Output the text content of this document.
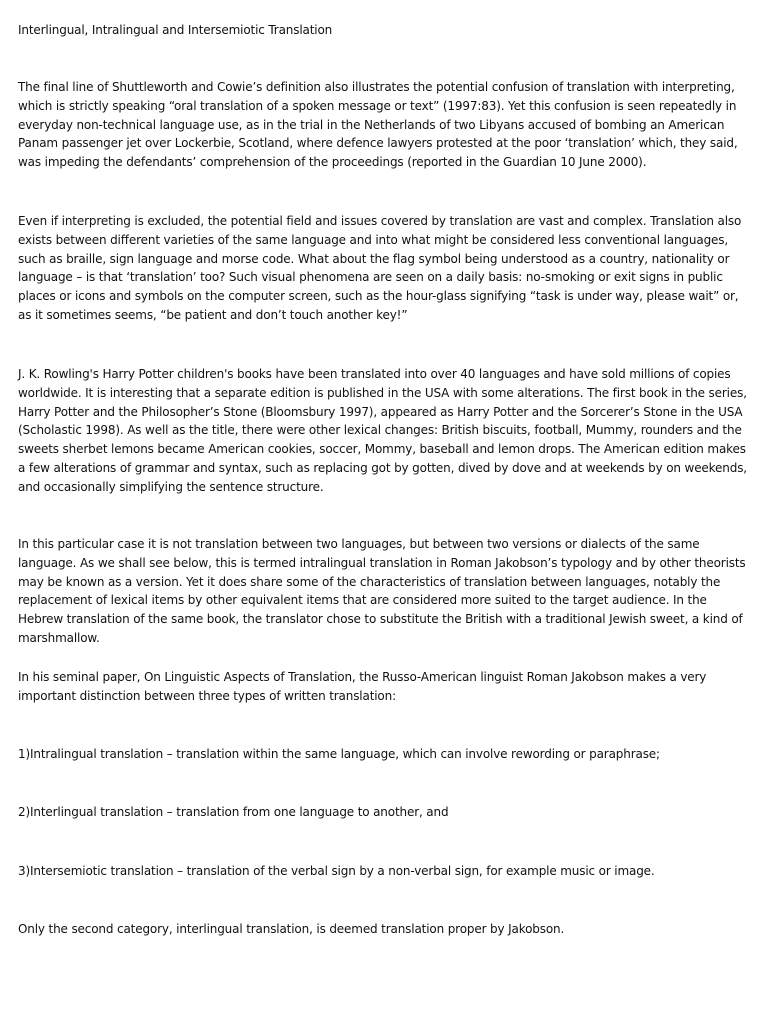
Interlingual, Intralingual and Intersemiotic Translation

The final line of Shuttleworth and Cowie’s definition also illustrates the potential confusion of translation with interpreting, which is strictly speaking “oral translation of a spoken message or text” (1997:83). Yet this confusion is seen repeatedly in everyday non-technical language use, as in the trial in the Netherlands of two Libyans accused of bombing an American Panam passenger jet over Lockerbie, Scotland, where defence lawyers protested at the poor ‘translation’ which, they said, was impeding the defendants’ comprehension of the proceedings (reported in the Guardian 10 June 2000).

Even if interpreting is excluded, the potential field and issues covered by translation are vast and complex. Translation also exists between different varieties of the same language and into what might be considered less conventional languages, such as braille, sign language and morse code. What about the flag symbol being understood as a country, nationality or language – is that ‘translation’ too? Such visual phenomena are seen on a daily basis: no-smoking or exit signs in public places or icons and symbols on the computer screen, such as the hour-glass signifying “task is under way, please wait” or, as it sometimes seems, “be patient and don’t touch another key!”

J. K. Rowling's Harry Potter children's books have been translated into over 40 languages and have sold millions of copies worldwide. It is interesting that a separate edition is published in the USA with some alterations. The first book in the series, Harry Potter and the Philosopher’s Stone (Bloomsbury 1997), appeared as Harry Potter and the Sorcerer’s Stone in the USA (Scholastic 1998). As well as the title, there were other lexical changes: British biscuits, football, Mummy, rounders and the sweets sherbet lemons became American cookies, soccer, Mommy, baseball and lemon drops. The American edition makes a few alterations of grammar and syntax, such as replacing got by gotten, dived by dove and at weekends by on weekends, and occasionally simplifying the sentence structure.

In this particular case it is not translation between two languages, but between two versions or dialects of the same language. As we shall see below, this is termed intralingual translation in Roman Jakobson’s typology and by other theorists may be known as a version. Yet it does share some of the characteristics of translation between languages, notably the replacement of lexical items by other equivalent items that are considered more suited to the target audience. In the Hebrew translation of the same book, the translator chose to substitute the British with a traditional Jewish sweet, a kind of marshmallow.

In his seminal paper, On Linguistic Aspects of Translation, the Russo-American linguist Roman Jakobson makes a very important distinction between three types of written translation:

1)Intralingual translation – translation within the same language, which can involve rewording or paraphrase;

2)Interlingual translation – translation from one language to another, and

3)Intersemiotic translation – translation of the verbal sign by a non-verbal sign, for example music or image.

Only the second category, interlingual translation, is deemed translation proper by Jakobson.
